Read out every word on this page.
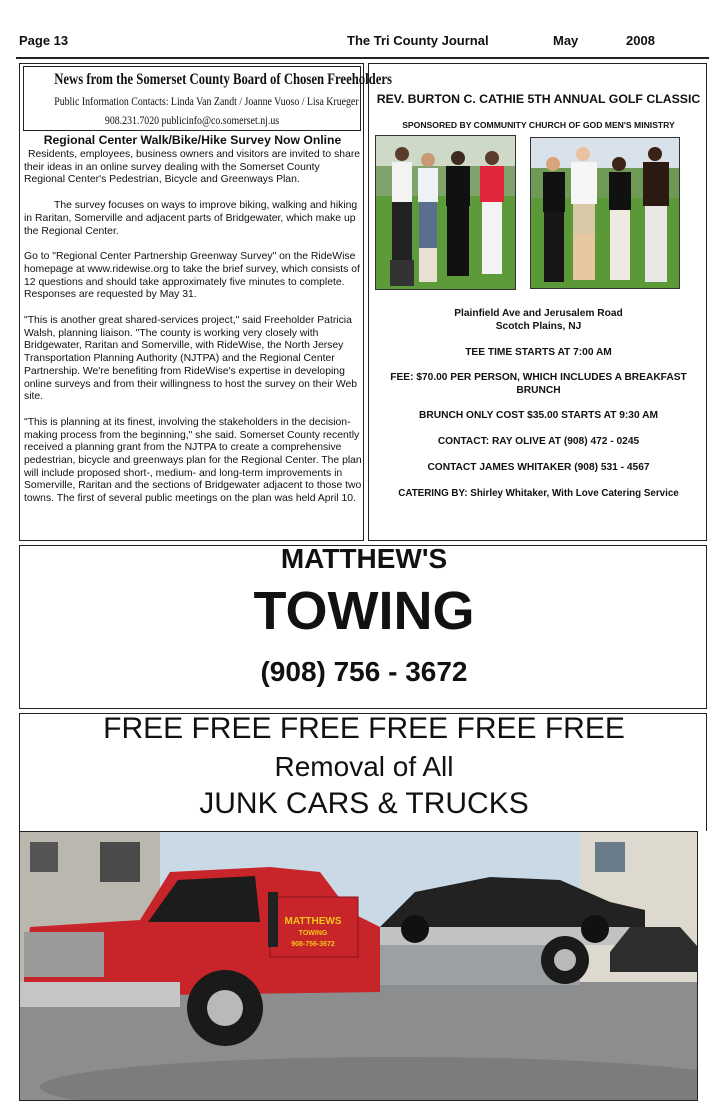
Page 13	The Tri County Journal	May	2008
News from the Somerset County Board of Chosen Freeholders
Public Information Contacts: Linda Van Zandt / Joanne Vuoso / Lisa Krueger
908.231.7020 publicinfo@co.somerset.nj.us
Regional Center Walk/Bike/Hike Survey Now Online

Residents, employees, business owners and visitors are invited to share their ideas in an online survey dealing with the Somerset County Regional Center's Pedestrian, Bicycle and Greenways Plan.

The survey focuses on ways to improve biking, walking and hiking in Raritan, Somerville and adjacent parts of Bridgewater, which make up the Regional Center.

Go to "Regional Center Partnership Greenway Survey" on the RideWise homepage at www.ridewise.org to take the brief survey, which consists of 12 questions and should take approximately five minutes to complete. Responses are requested by May 31.

"This is another great shared-services project," said Freeholder Patricia Walsh, planning liaison. "The county is working very closely with Bridgewater, Raritan and Somerville, with RideWise, the North Jersey Transportation Planning Authority (NJTPA) and the Regional Center Partnership. We're benefiting from RideWise's expertise in developing online surveys and from their willingness to host the survey on their Web site.

"This is planning at its finest, involving the stakeholders in the decision-making process from the beginning," she said. Somerset County recently received a planning grant from the NJTPA to create a comprehensive pedestrian, bicycle and greenways plan for the Regional Center. The plan will include proposed short-, medium- and long-term improvements in Somerville, Raritan and the sections of Bridgewater adjacent to those two towns. The first of several public meetings on the plan was held April 10.

REV. BURTON C. CATHIE 5TH ANNUAL GOLF CLASSIC
SPONSORED BY COMMUNITY CHURCH OF GOD MEN'S MINISTRY
Plainfield Ave and Jerusalem Road
Scotch Plains, NJ
TEE TIME STARTS AT 7:00 AM
FEE: $70.00 PER PERSON, WHICH INCLUDES A BREAKFAST BRUNCH
BRUNCH ONLY COST $35.00 STARTS AT 9:30 AM
CONTACT: RAY OLIVE AT (908) 472 - 0245
CONTACT JAMES WHITAKER (908) 531 - 4567
CATERING BY: Shirley Whitaker, With Love Catering Service
MATTHEW'S
TOWING
(908) 756 - 3672
FREE FREE FREE FREE FREE FREE
Removal of All
JUNK CARS & TRUCKS
MATTHEWS
TOWING
908-756-3672
